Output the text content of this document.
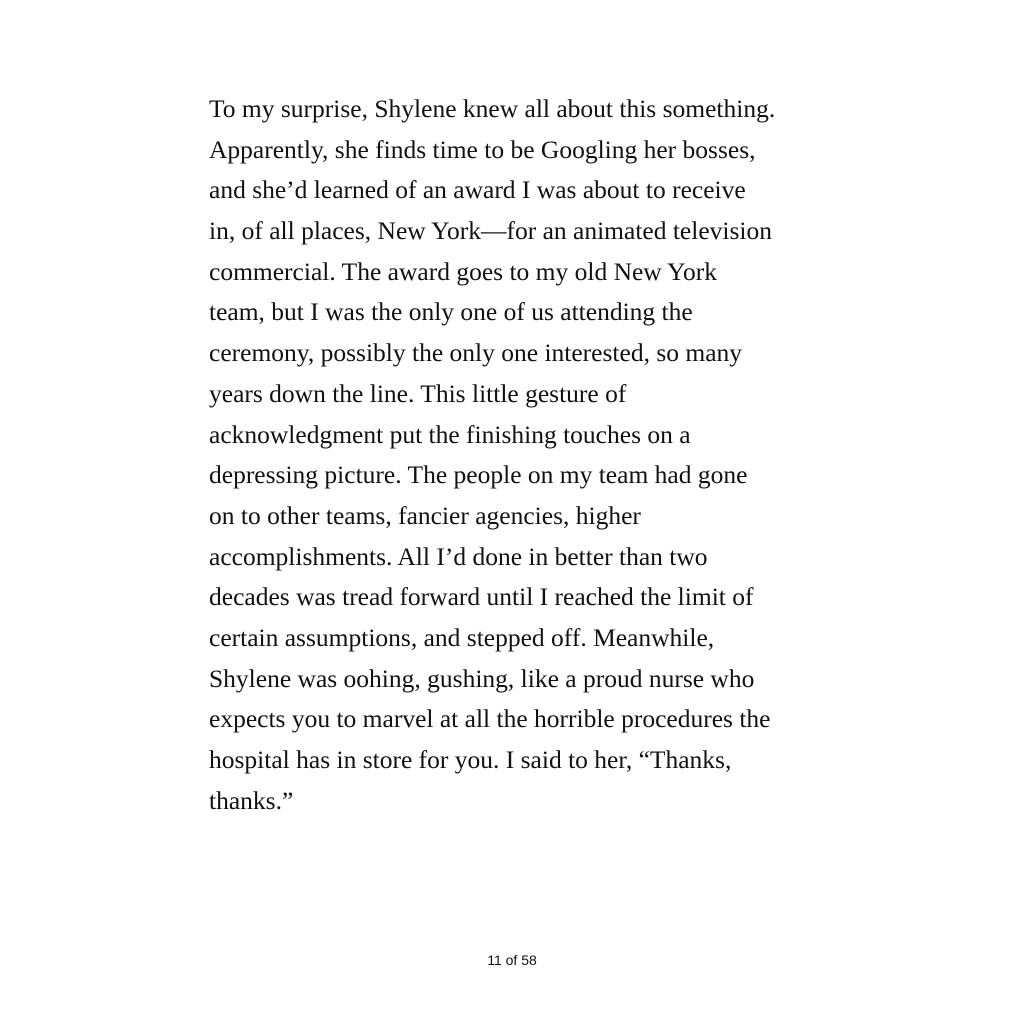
To my surprise, Shylene knew all about this something.
Apparently, she finds time to be Googling her bosses,
and she’d learned of an award I was about to receive
in, of all places, New York—for an animated television
commercial. The award goes to my old New York
team, but I was the only one of us attending the
ceremony, possibly the only one interested, so many
years down the line. This little gesture of
acknowledgment put the finishing touches on a
depressing picture. The people on my team had gone
on to other teams, fancier agencies, higher
accomplishments. All I’d done in better than two
decades was tread forward until I reached the limit of
certain assumptions, and stepped off. Meanwhile,
Shylene was oohing, gushing, like a proud nurse who
expects you to marvel at all the horrible procedures the
hospital has in store for you. I said to her, “Thanks,
thanks.”
11 of 58
